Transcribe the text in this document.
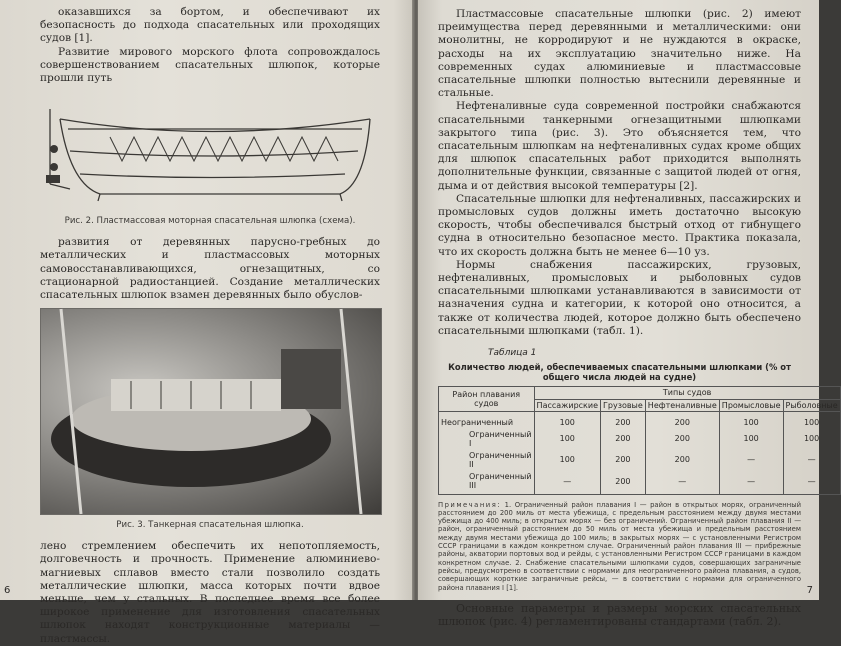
оказавшихся за бортом, и обеспечивают их безопасность до подхода спасательных или проходящих судов [1].

Развитие мирового морского флота сопровождалось совершенствованием спасательных шлюпок, которые прошли путь

Рис. 2. Пластмассовая моторная спасательная шлюпка (схема).

развития от деревянных парусно-гребных до металлических и пластмассовых моторных самовосстанавливающихся, огнезащитных, со стационарной радиостанцией. Создание металлических спасательных шлюпок взамен деревянных было обуслов-

Рис. 3. Танкерная спасательная шлюпка.

лено стремлением обеспечить их непотопляемость, долговечность и прочность. Применение алюминиево-магниевых сплавов вместо стали позволило создать металлические шлюпки, масса которых почти вдвое меньше, чем у стальных. В последнее время все более широкое применение для изготовления спасательных шлюпок находят конструкционные материалы — пластмассы.

6

Пластмассовые спасательные шлюпки (рис. 2) имеют преимущества перед деревянными и металлическими: они монолитны, не корродируют и не нуждаются в окраске, расходы на их эксплуатацию значительно ниже. На современных судах алюминиевые и пластмассовые спасательные шлюпки полностью вытеснили деревянные и стальные.

Нефтеналивные суда современной постройки снабжаются спасательными танкерными огнезащитными шлюпками закрытого типа (рис. 3). Это объясняется тем, что спасательным шлюпкам на нефтеналивных судах кроме общих для шлюпок спасательных работ приходится выполнять дополнительные функции, связанные с защитой людей от огня, дыма и от действия высокой температуры [2].

Спасательные шлюпки для нефтеналивных, пассажирских и промысловых судов должны иметь достаточно высокую скорость, чтобы обеспечивался быстрый отход от гибнущего судна в относительно безопасное место. Практика показала, что их скорость должна быть не менее 6—10 уз.

Нормы снабжения пассажирских, грузовых, нефтеналивных, промысловых и рыболовных судов спасательными шлюпками устанавливаются в зависимости от назначения судна и категории, к которой оно относится, а также от количества людей, которое должно быть обеспечено спасательными шлюпками (табл. 1).

Таблица 1
Количество людей, обеспечиваемых спасательными шлюпками (% от общего числа людей на судне)
Район плавания судов	Типы судов				
	Пассажирские	Грузовые	Нефтеналивные	Промысловые	Рыболовные
Неограниченный	100	200	200	100	100
Ограниченный I	100	200	200	100	100
Ограниченный II	100	200	200	—	—
Ограниченный III	—	200	—	—	—
Примечания: 1. Ограниченный район плавания I — район в открытых морях, ограниченный расстоянием до 200 миль от места убежища, с предельным расстоянием между двумя местами убежища до 400 миль; в открытых морях — без ограничений. Ограниченный район плавания II — район, ограниченный расстоянием до 50 миль от места убежища и предельным расстоянием между двумя местами убежища до 100 миль; в закрытых морях — с установленными Регистром СССР границами в каждом конкретном случае. Ограниченный район плавания III — прибрежные районы, акватории портовых вод и рейды, с установленными Регистром СССР границами в каждом конкретном случае. 2. Снабжение спасательными шлюпками судов, совершающих заграничные рейсы, предусмотрено в соответствии с нормами для неограниченного района плавания, а судов, совершающих короткие заграничные рейсы, — в соответствии с нормами для ограниченного района плавания I [1].

Основные параметры и размеры морских спасательных шлюпок (рис. 4) регламентированы стандартами (табл. 2).

7
